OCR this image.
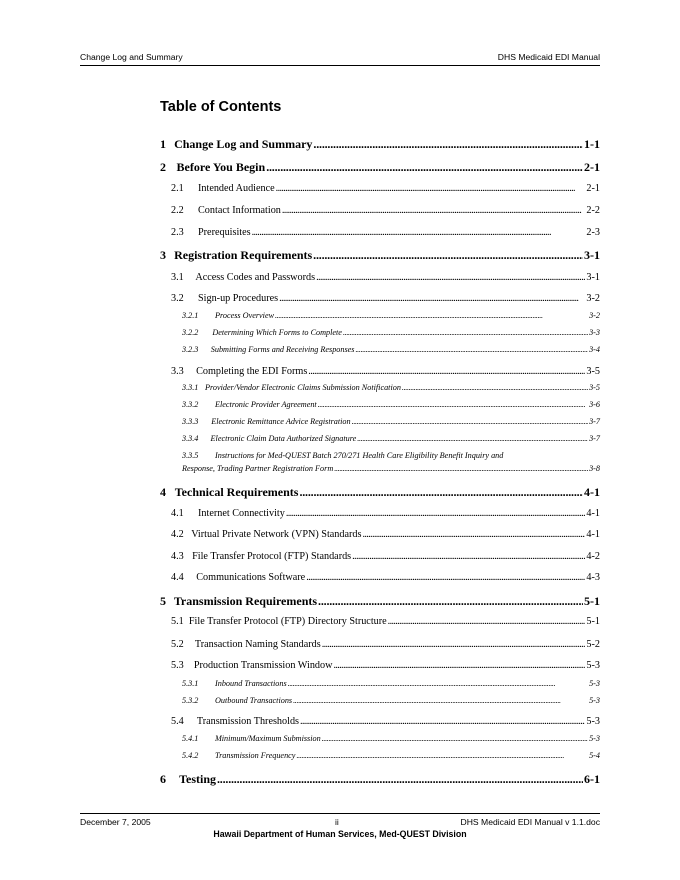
Change Log and Summary	DHS Medicaid EDI Manual
Table of Contents
1 Change Log and Summary . . .	1-1
2 Before You Begin . . .	2-1
2.1	Intended Audience . . .	2-1
2.2	Contact Information . . .	2-2
2.3	Prerequisites . . .	2-3
3 Registration Requirements . . .	3-1
3.1	Access Codes and Passwords . . .	3-1
3.2	Sign-up Procedures . . .	3-2
3.2.1	Process Overview . . .	3-2
3.2.2	Determining Which Forms to Complete . . .	3-3
3.2.3	Submitting Forms and Receiving Responses . . .	3-4
3.3	Completing the EDI Forms . . .	3-5
3.3.1 Provider/Vendor Electronic Claims Submission Notification . . .	3-5
3.3.2	Electronic Provider Agreement . . .	3-6
3.3.3	Electronic Remittance Advice Registration . . .	3-7
3.3.4	Electronic Claim Data Authorized Signature . . .	3-7
3.3.5 Instructions for Med-QUEST Batch 270/271 Health Care Eligibility Benefit Inquiry and
Response, Trading Partner Registration Form . . .	3-8
4 Technical Requirements . . .	4-1
4.1	Internet Connectivity . . .	4-1
4.2 Virtual Private Network (VPN) Standards . . .	4-1
4.3 File Transfer Protocol (FTP) Standards . . .	4-2
4.4	Communications Software . . .	4-3
5 Transmission Requirements . . .	5-1
5.1 File Transfer Protocol (FTP) Directory Structure . . .	5-1
5.2	Transaction Naming Standards . . .	5-2
5.3 Production Transmission Window . . .	5-3
5.3.1	Inbound Transactions . . .	5-3
5.3.2	Outbound Transactions . . .	5-3
5.4	Transmission Thresholds . . .	5-3
5.4.1	Minimum/Maximum Submission . . .	5-3
5.4.2	Transmission Frequency . . .	5-4
6	Testing . . .	6-1
December 7, 2005	ii	DHS Medicaid EDI Manual v 1.1.doc
Hawaii Department of Human Services, Med-QUEST Division
